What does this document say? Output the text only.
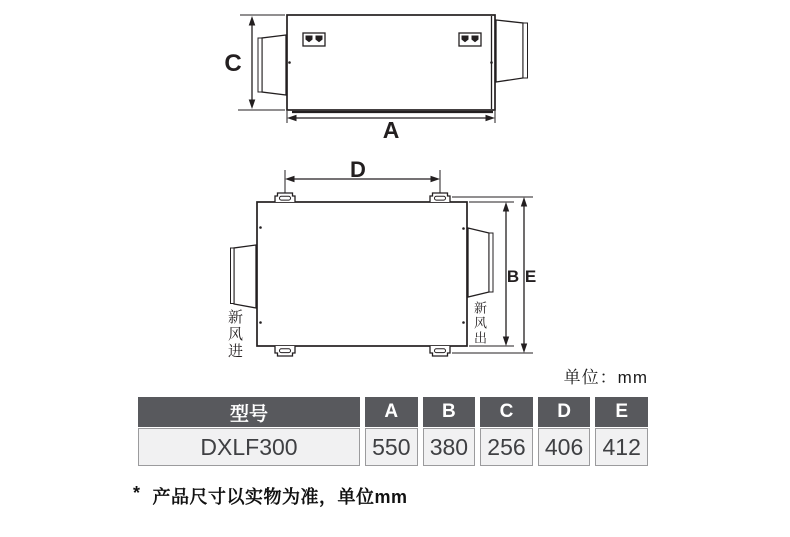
C
A
D
B E
新风进	新风出
单位：mm
型号	A	B	C	D	E
DXLF300	550 380 256 406 412
* 产品尺寸以实物为准，单位mm
